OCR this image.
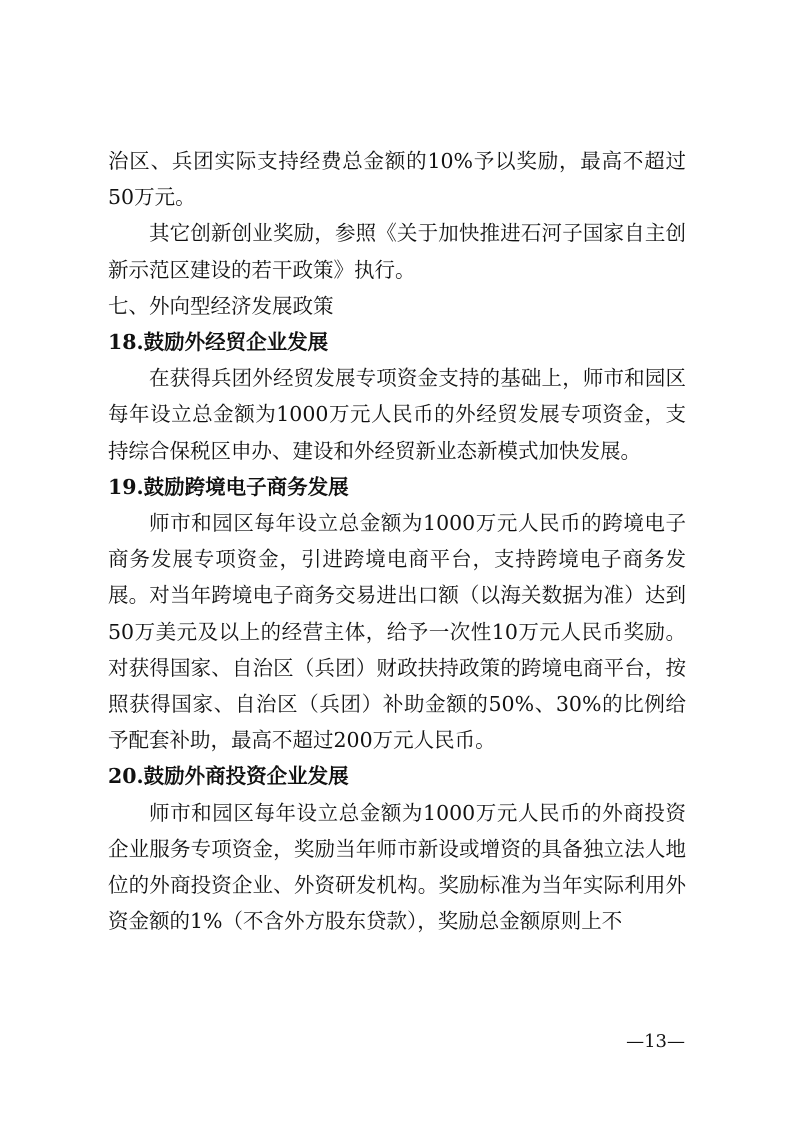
治区、兵团实际支持经费总金额的10%予以奖励，最高不超过50万元。

其它创新创业奖励，参照《关于加快推进石河子国家自主创新示范区建设的若干政策》执行。

七、外向型经济发展政策

18.鼓励外经贸企业发展

在获得兵团外经贸发展专项资金支持的基础上，师市和园区每年设立总金额为1000万元人民币的外经贸发展专项资金，支持综合保税区申办、建设和外经贸新业态新模式加快发展。

19.鼓励跨境电子商务发展

师市和园区每年设立总金额为1000万元人民币的跨境电子商务发展专项资金，引进跨境电商平台，支持跨境电子商务发展。对当年跨境电子商务交易进出口额（以海关数据为准）达到50万美元及以上的经营主体，给予一次性10万元人民币奖励。对获得国家、自治区（兵团）财政扶持政策的跨境电商平台，按照获得国家、自治区（兵团）补助金额的50%、30%的比例给予配套补助，最高不超过200万元人民币。

20.鼓励外商投资企业发展

师市和园区每年设立总金额为1000万元人民币的外商投资企业服务专项资金，奖励当年师市新设或增资的具备独立法人地位的外商投资企业、外资研发机构。奖励标准为当年实际利用外资金额的1%（不含外方股东贷款），奖励总金额原则上不

—13—
